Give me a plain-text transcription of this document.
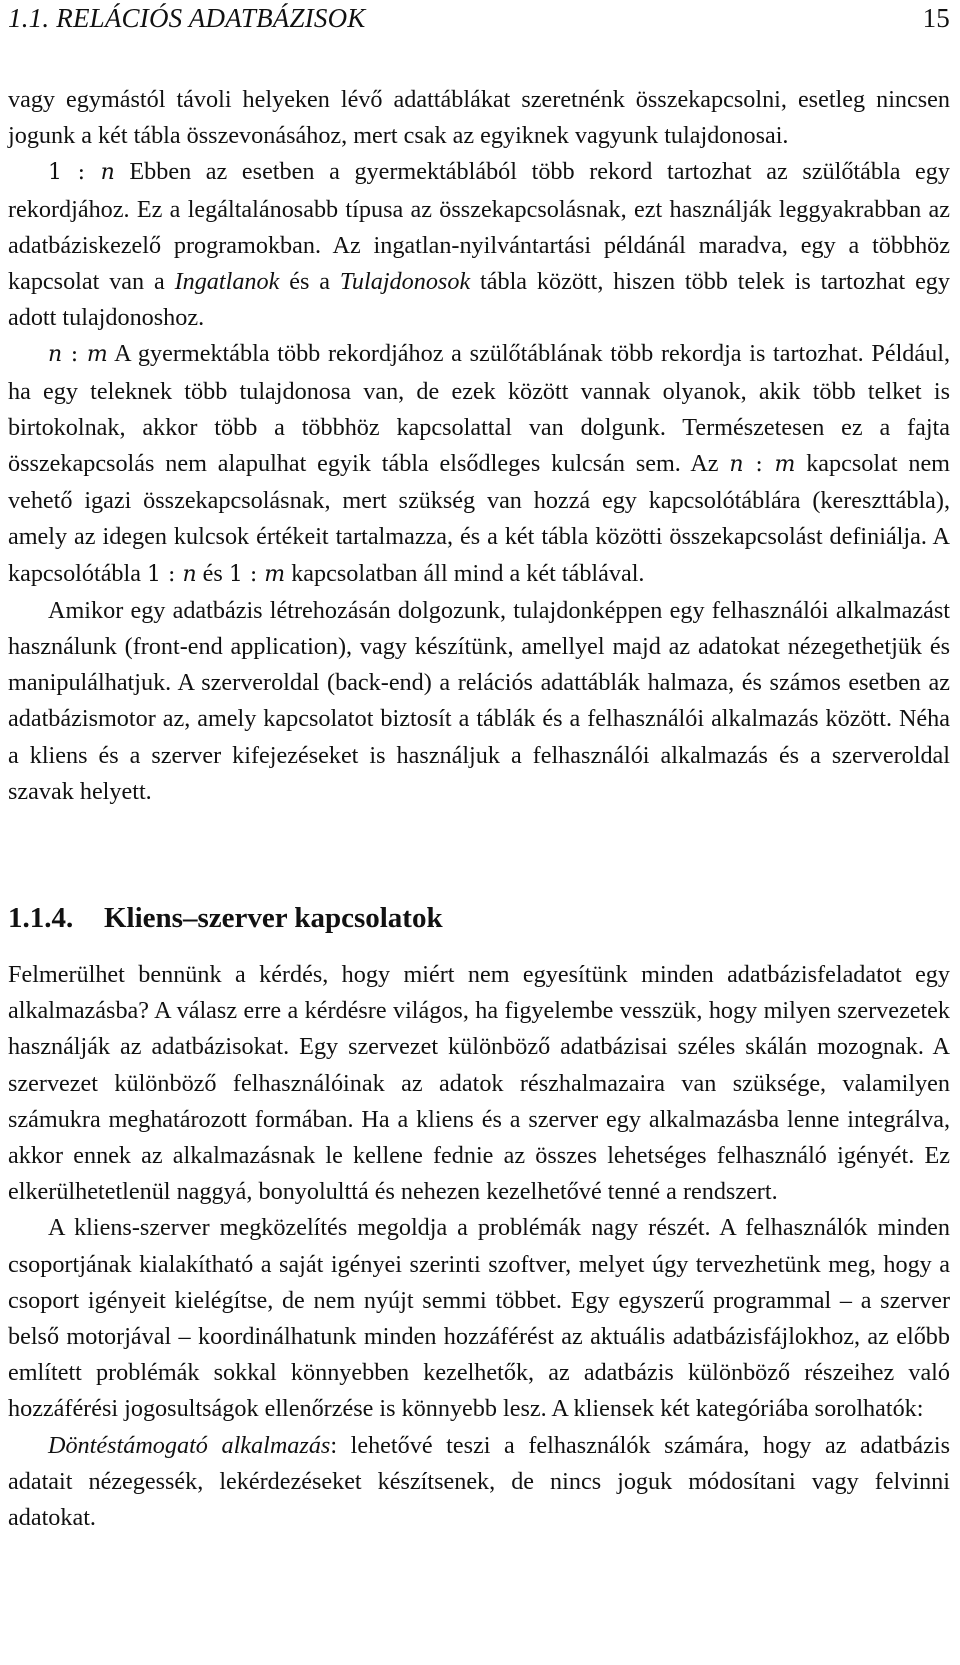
1.1. RELÁCIÓS ADATBÁZISOK	15

vagy egymástól távoli helyeken lévő adattáblákat szeretnénk összekapcsolni, esetleg nincsen jogunk a két tábla összevonásához, mert csak az egyiknek vagyunk tulajdonosai.

1 : n Ebben az esetben a gyermektáblából több rekord tartozhat az szülőtábla egy rekordjához. Ez a legáltalánosabb típusa az összekapcsolásnak, ezt használják leggyakrabban az adatbáziskezelő programokban. Az ingatlan-nyilvántartási példánál maradva, egy a többhöz kapcsolat van a Ingatlanok és a Tulajdonosok tábla között, hiszen több telek is tartozhat egy adott tulajdonoshoz.

n : m A gyermektábla több rekordjához a szülőtáblának több rekordja is tartozhat. Például, ha egy teleknek több tulajdonosa van, de ezek között vannak olyanok, akik több telket is birtokolnak, akkor több a többhöz kapcsolattal van dolgunk. Természetesen ez a fajta összekapcsolás nem alapulhat egyik tábla elsődleges kulcsán sem. Az n : m kapcsolat nem vehető igazi összekapcsolásnak, mert szükség van hozzá egy kapcsolótáblára (kereszttábla), amely az idegen kulcsok értékeit tartalmazza, és a két tábla közötti összekapcsolást definiálja. A kapcsolótábla 1 : n és 1 : m kapcsolatban áll mind a két táblával.

Amikor egy adatbázis létrehozásán dolgozunk, tulajdonképpen egy felhasználói alkalmazást használunk (front-end application), vagy készítünk, amellyel majd az adatokat nézegethetjük és manipulálhatjuk. A szerveroldal (back-end) a relációs adattáblák halmaza, és számos esetben az adatbázismotor az, amely kapcsolatot biztosít a táblák és a felhasználói alkalmazás között. Néha a kliens és a szerver kifejezéseket is használjuk a felhasználói alkalmazás és a szerveroldal szavak helyett.

1.1.4. Kliens–szerver kapcsolatok

Felmerülhet bennünk a kérdés, hogy miért nem egyesítünk minden adatbázisfeladatot egy alkalmazásba? A válasz erre a kérdésre világos, ha figyelembe vesszük, hogy milyen szervezetek használják az adatbázisokat. Egy szervezet különböző adatbázisai széles skálán mozognak. A szervezet különböző felhasználóinak az adatok részhalmazaira van szüksége, valamilyen számukra meghatározott formában. Ha a kliens és a szerver egy alkalmazásba lenne integrálva, akkor ennek az alkalmazásnak le kellene fednie az összes lehetséges felhasználó igényét. Ez elkerülhetetlenül naggyá, bonyolulttá és nehezen kezelhetővé tenné a rendszert.

A kliens-szerver megközelítés megoldja a problémák nagy részét. A felhasználók minden csoportjának kialakítható a saját igényei szerinti szoftver, melyet úgy tervezhetünk meg, hogy a csoport igényeit kielégítse, de nem nyújt semmi többet. Egy egyszerű programmal – a szerver belső motorjával – koordinálhatunk minden hozzáférést az aktuális adatbázisfájlokhoz, az előbb említett problémák sokkal könnyebben kezelhetők, az adatbázis különböző részeihez való hozzáférési jogosultságok ellenőrzése is könnyebb lesz. A kliensek két kategóriába sorolhatók:

Döntéstámogató alkalmazás: lehetővé teszi a felhasználók számára, hogy az adatbázis adatait nézegessék, lekérdezéseket készítsenek, de nincs joguk módosítani vagy felvinni adatokat.
